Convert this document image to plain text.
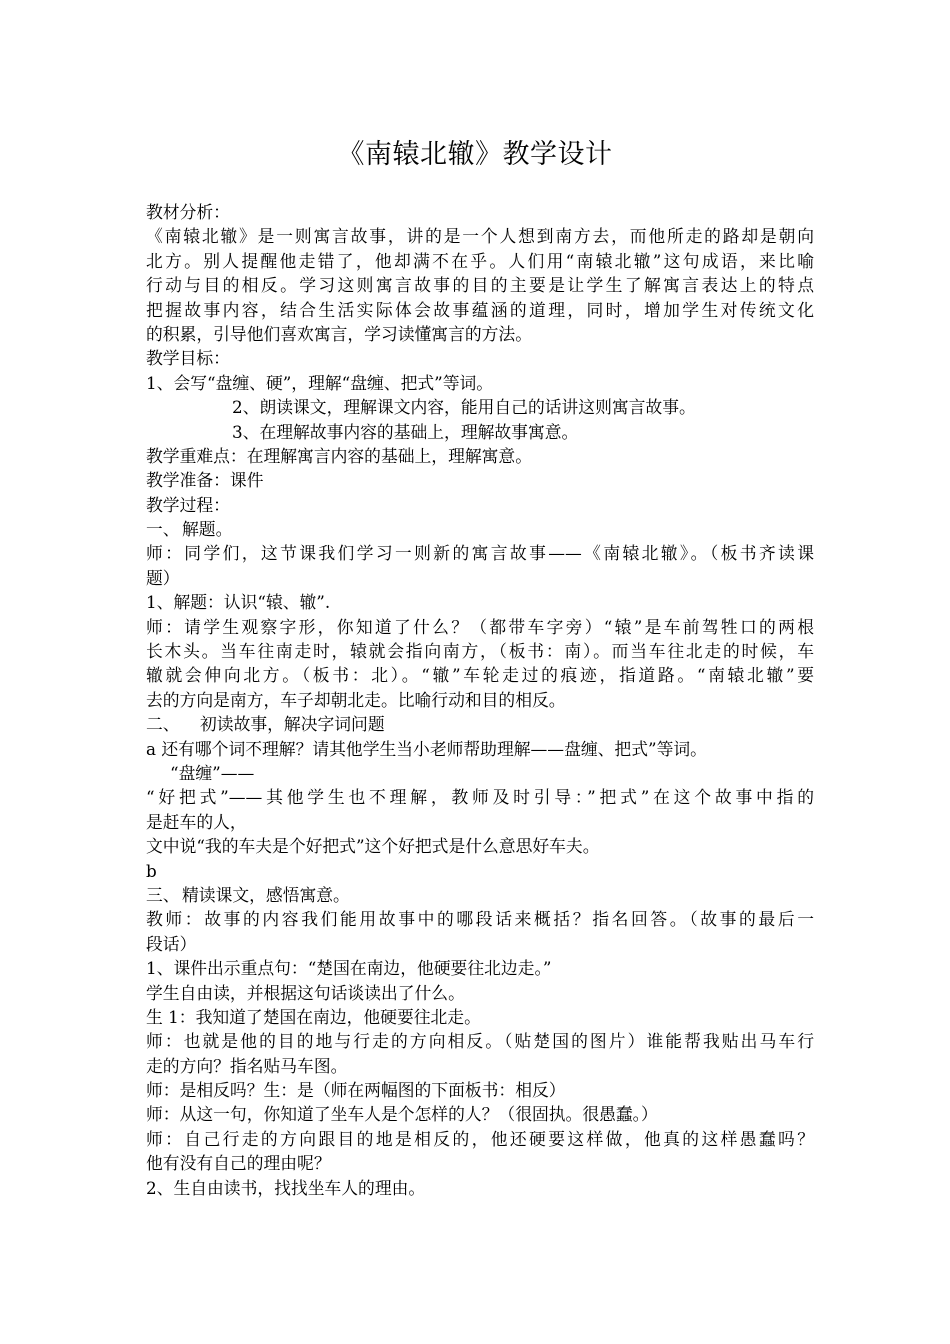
《南辕北辙》教学设计
教材分析：
《南辕北辙》是一则寓言故事，讲的是一个人想到南方去，而他所走的路却是朝向
北方。别人提醒他走错了，他却满不在乎。人们用“南辕北辙”这句成语，来比喻
行动与目的相反。学习这则寓言故事的目的主要是让学生了解寓言表达上的特点
把握故事内容，结合生活实际体会故事蕴涵的道理，同时，增加学生对传统文化
的积累，引导他们喜欢寓言，学习读懂寓言的方法。
教学目标：
1、会写“盘缠、硬”，理解“盘缠、把式”等词。
2、朗读课文，理解课文内容，能用自己的话讲这则寓言故事。
3、在理解故事内容的基础上，理解故事寓意。
教学重难点：在理解寓言内容的基础上，理解寓意。
教学准备：课件
教学过程：
一、 解题。
师：同学们，这节课我们学习一则新的寓言故事——《南辕北辙》。（板书齐读课
题）
1、解题：认识“辕、辙”.
师：请学生观察字形，你知道了什么？（都带车字旁）“辕”是车前驾牲口的两根
长木头。当车往南走时，辕就会指向南方，（板书：南）。而当车往北走的时候，车
辙就会伸向北方。（板书：北）。“辙”车轮走过的痕迹，指道路。“南辕北辙”要
去的方向是南方，车子却朝北走。比喻行动和目的相反。
二、 初读故事，解决字词问题
a 还有哪个词不理解？请其他学生当小老师帮助理解——盘缠、把式”等词。
“盘缠”——
“好把式”——其他学生也不理解，教师及时引导：”把式”在这个故事中指的
是赶车的人，
文中说“我的车夫是个好把式”这个好把式是什么意思好车夫。
b
三、 精读课文，感悟寓意。
教师：故事的内容我们能用故事中的哪段话来概括？指名回答。（故事的最后一
段话）
1、课件出示重点句：“楚国在南边，他硬要往北边走。”
学生自由读，并根据这句话谈读出了什么。
生 1：我知道了楚国在南边，他硬要往北走。
师：也就是他的目的地与行走的方向相反。（贴楚国的图片）谁能帮我贴出马车行
走的方向？指名贴马车图。
师：是相反吗？生：是（师在两幅图的下面板书：相反）
师：从这一句，你知道了坐车人是个怎样的人？（很固执。很愚蠢。）
师：自己行走的方向跟目的地是相反的，他还硬要这样做，他真的这样愚蠢吗？
他有没有自己的理由呢？
2、生自由读书，找找坐车人的理由。
